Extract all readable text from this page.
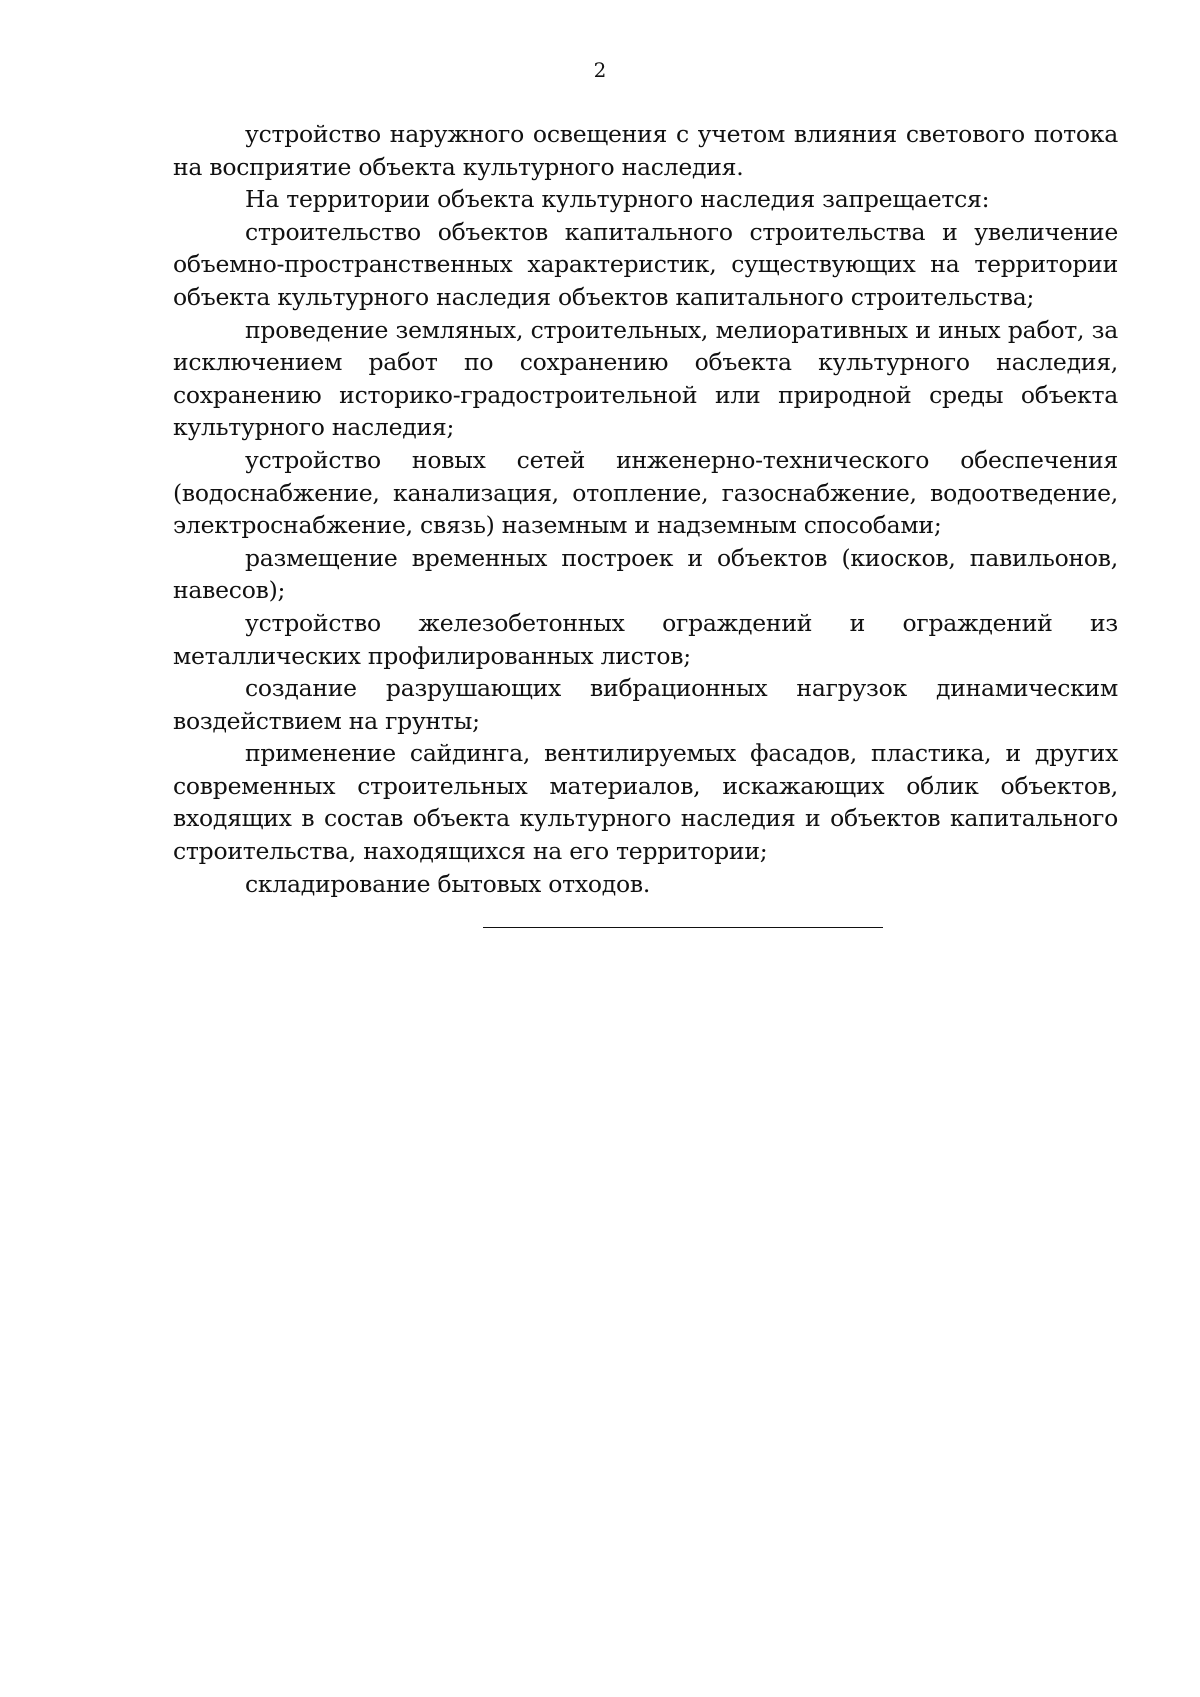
2

устройство наружного освещения с учетом влияния светового потока на восприятие объекта культурного наследия.

На территории объекта культурного наследия запрещается:

строительство объектов капитального строительства и увеличение объемно-пространственных характеристик, существующих на территории объекта культурного наследия объектов капитального строительства;

проведение земляных, строительных, мелиоративных и иных работ, за исключением работ по сохранению объекта культурного наследия, сохранению историко-градостроительной или природной среды объекта культурного наследия;

устройство новых сетей инженерно-технического обеспечения (водоснабжение, канализация, отопление, газоснабжение, водоотведение, электроснабжение, связь) наземным и надземным способами;

размещение временных построек и объектов (киосков, павильонов, навесов);

устройство железобетонных ограждений и ограждений из металлических профилированных листов;

создание разрушающих вибрационных нагрузок динамическим воздействием на грунты;

применение сайдинга, вентилируемых фасадов, пластика, и других современных строительных материалов, искажающих облик объектов, входящих в состав объекта культурного наследия и объектов капитального строительства, находящихся на его территории;

складирование бытовых отходов.
